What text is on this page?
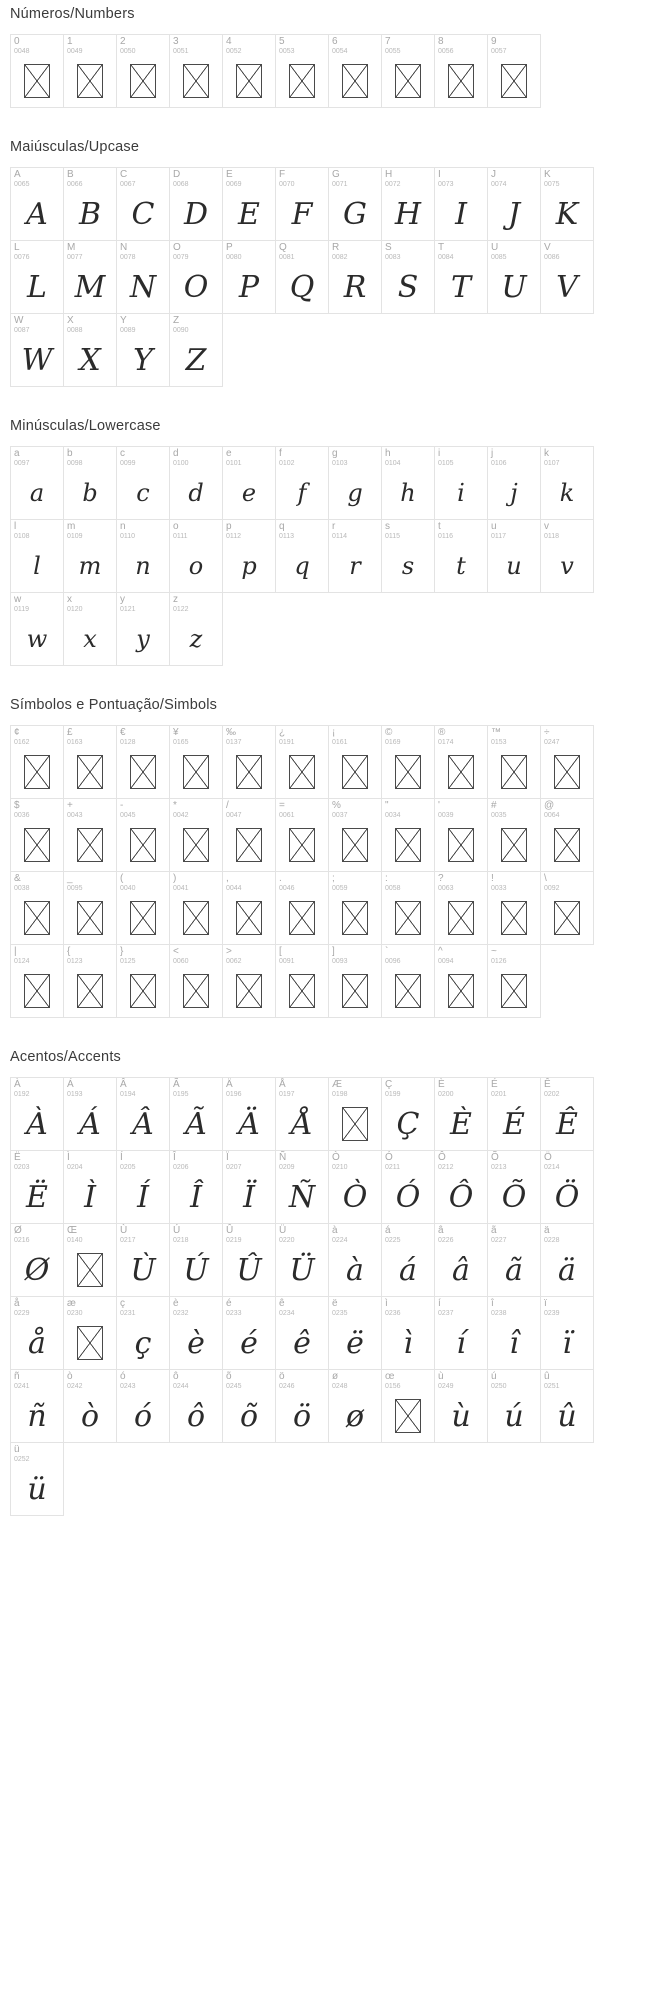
Números/Numbers
0
0048
1
0049
2
0050
3
0051
4
0052
5
0053
6
0054
7
0055
8
0056
9
0057
Maiúsculas/Upcase
A
0065
A
B
0066
B
C
0067
C
D
0068
D
E
0069
E
F
0070
F
G
0071
G
H
0072
H
I
0073
I
J
0074
J
K
0075
K
L
0076
L
M
0077
M
N
0078
N
O
0079
O
P
0080
P
Q
0081
Q
R
0082
R
S
0083
S
T
0084
T
U
0085
U
V
0086
V
W
0087
W
X
0088
X
Y
0089
Y
Z
0090
Z
Minúsculas/Lowercase
a
0097
a
b
0098
b
c
0099
c
d
0100
d
e
0101
e
f
0102
f
g
0103
g
h
0104
h
i
0105
i
j
0106
j
k
0107
k
l
0108
l
m
0109
m
n
0110
n
o
0111
o
p
0112
p
q
0113
q
r
0114
r
s
0115
s
t
0116
t
u
0117
u
v
0118
v
w
0119
w
x
0120
x
y
0121
y
z
0122
z
Símbolos e Pontuação/Simbols
¢
0162
£
0163
€
0128
¥
0165
‰
0137
¿
0191
¡
0161
©
0169
®
0174
™
0153
÷
0247
$
0036
+
0043
-
0045
*
0042
/
0047
=
0061
%
0037
"
0034
'
0039
#
0035
@
0064
&
0038
_
0095
(
0040
)
0041
,
0044
.
0046
;
0059
:
0058
?
0063
!
0033
\
0092
|
0124
{
0123
}
0125
<
0060
>
0062
[
0091
]
0093
`
0096
^
0094
~
0126
Acentos/Accents
À
0192
À
Á
0193
Á
Â
0194
Â
Ã
0195
Ã
Ä
0196
Ä
Å
0197
Å
Æ
0198
Ç
0199
Ç
È
0200
È
É
0201
É
Ê
0202
Ê
Ë
0203
Ë
Ì
0204
Ì
Í
0205
Í
Î
0206
Î
Ï
0207
Ï
Ñ
0209
Ñ
Ò
0210
Ò
Ó
0211
Ó
Ô
0212
Ô
Õ
0213
Õ
Ö
0214
Ö
Ø
0216
Ø
Œ
0140
Ù
0217
Ù
Ú
0218
Ú
Û
0219
Û
Ü
0220
Ü
à
0224
à
á
0225
á
â
0226
â
ã
0227
ã
ä
0228
ä
å
0229
å
æ
0230
ç
0231
ç
è
0232
è
é
0233
é
ê
0234
ê
ë
0235
ë
ì
0236
ì
í
0237
í
î
0238
î
ï
0239
ï
ñ
0241
ñ
ò
0242
ò
ó
0243
ó
ô
0244
ô
õ
0245
õ
ö
0246
ö
ø
0248
ø
œ
0156
ù
0249
ù
ú
0250
ú
û
0251
û
ü
0252
ü
